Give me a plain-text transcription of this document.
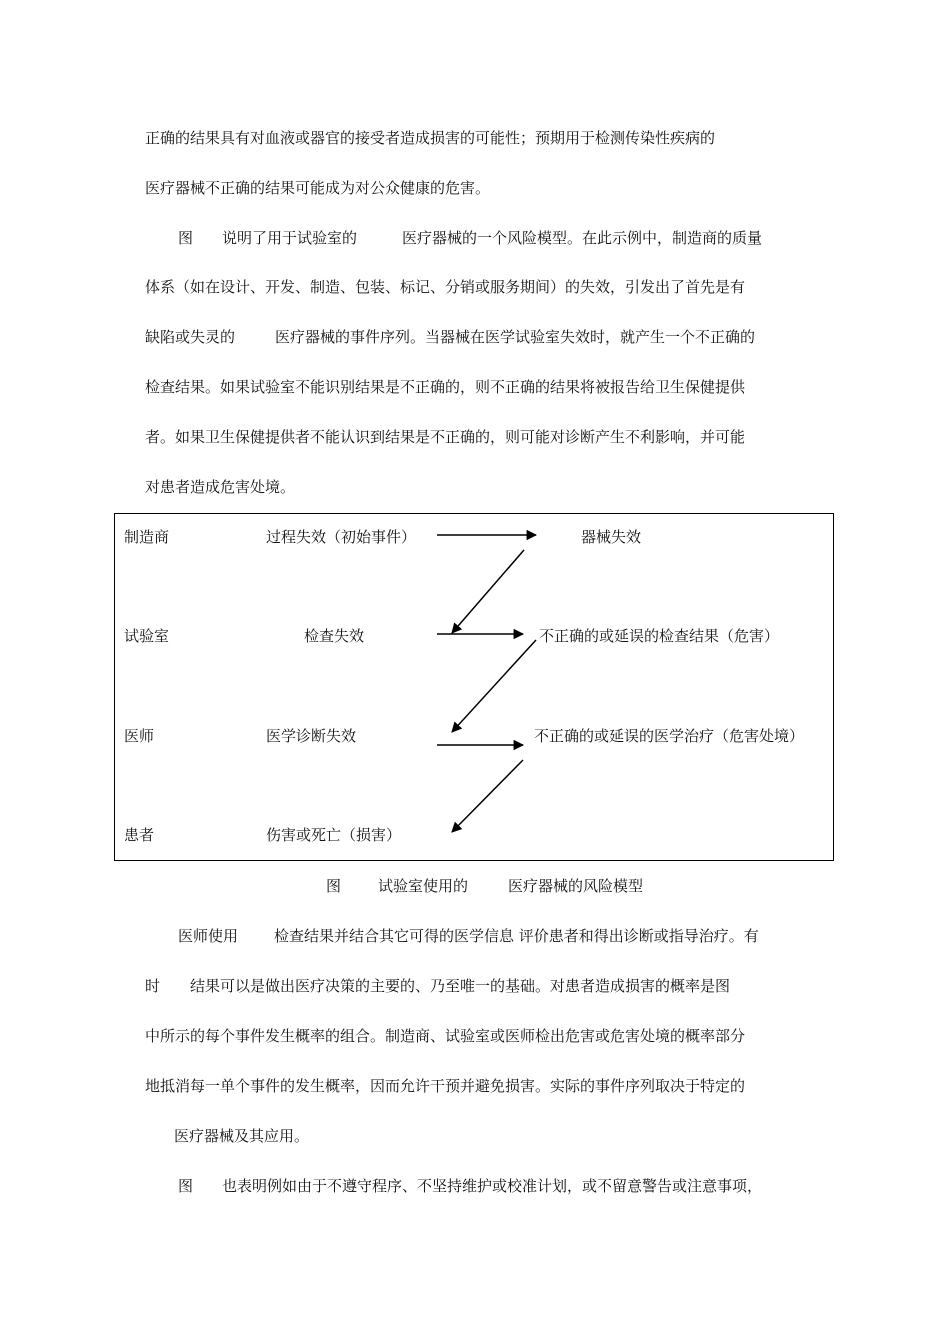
正确的结果具有对血液或器官的接受者造成损害的可能性；预期用于检测传染性疾病的
医疗器械不正确的结果可能成为对公众健康的危害。
图 说明了用于试验室的	医疗器械的一个风险模型。在此示例中，制造商的质量
体系（如在设计、开发、制造、包装、标记、分销或服务期间）的失效，引发出了首先是有
缺陷或失灵的	医疗器械的事件序列。当器械在医学试验室失效时，就产生一个不正确的
检查结果。如果试验室不能识别结果是不正确的，则不正确的结果将被报告给卫生保健提供
者。如果卫生保健提供者不能认识到结果是不正确的，则可能对诊断产生不利影响，并可能
对患者造成危害处境。
制造商	过程失效（初始事件）	器械失效
试验室	检查失效	不正确的或延误的检查结果（危害）
医师	医学诊断失效	不正确的或延误的医学治疗（危害处境）
患者	伤害或死亡（损害）
图 试验室使用的	医疗器械的风险模型
医师使用 检查结果并结合其它可得的医学信息 评价患者和得出诊断或指导治疗。有
时 结果可以是做出医疗决策的主要的、乃至唯一的基础。对患者造成损害的概率是图
中所示的每个事件发生概率的组合。制造商、试验室或医师检出危害或危害处境的概率部分
地抵消每一单个事件的发生概率，因而允许干预并避免损害。实际的事件序列取决于特定的
医疗器械及其应用。
图 也表明例如由于不遵守程序、不坚持维护或校准计划，或不留意警告或注意事项，
